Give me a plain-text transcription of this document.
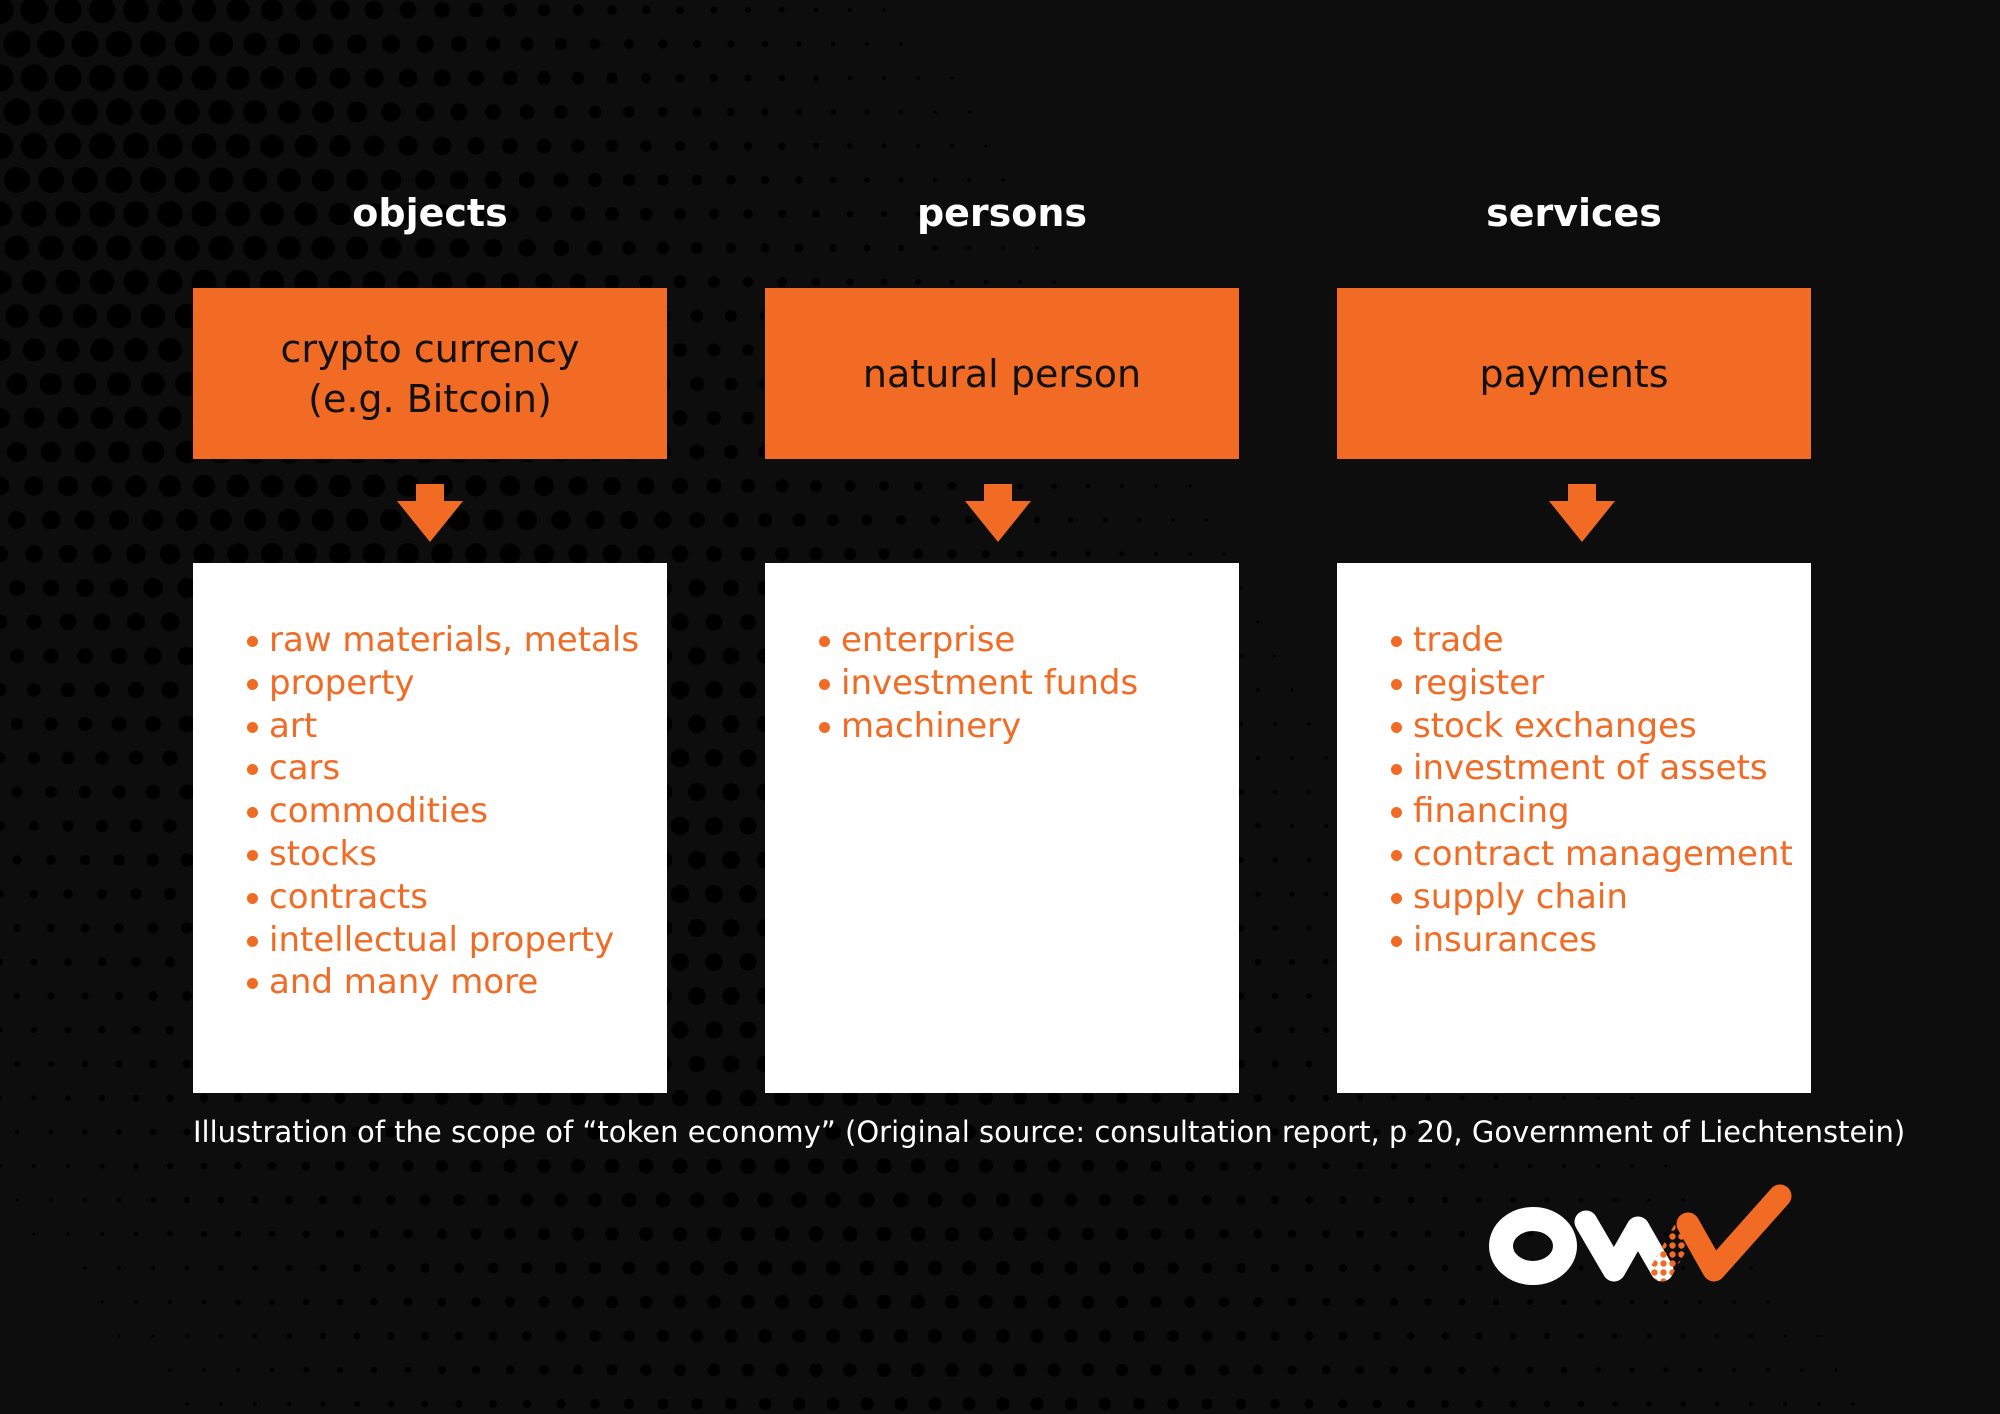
objects
crypto currency
(e.g. Bitcoin)
raw materials, metals
property
art
cars
commodities
stocks
contracts
intellectual property
and many more
persons
natural person
enterprise
investment funds
machinery
services
payments
trade
register
stock exchanges
investment of assets
financing
contract management
supply chain
insurances
Illustration of the scope of “token economy” (Original source: consultation report, p 20, Government of Liechtenstein)
